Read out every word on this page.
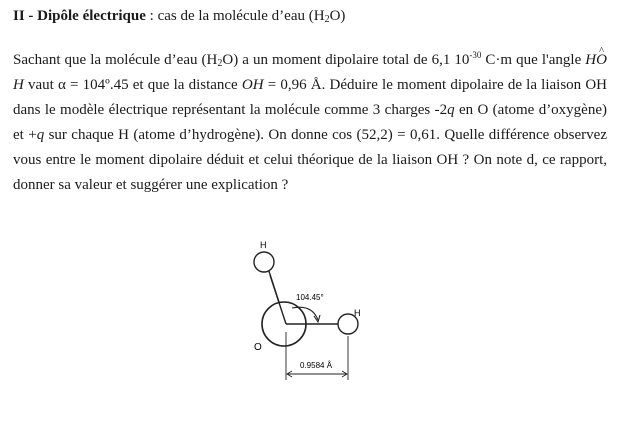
II - Dipôle électrique : cas de la molécule d’eau $(H_2O)$
Sachant que la molécule d’eau $(H_2O)$ a un moment dipolaire total de 6,1 $10^{-30}$ C·m que l'angle H^ OH vaut α = 104º.45 et que la distance OH = 0,96 Å. Déduire le moment dipolaire de la liaison OH dans le modèle électrique représentant la molécule comme 3 charges -2q en O (atome d’oxygène) et +q sur chaque H (atome d’hydrogène). On donne cos (52,2) = 0,61. Quelle différence observez vous entre le moment dipolaire déduit et celui théorique de la liaison OH ? On note d, ce rapport, donner sa valeur et suggérer une explication ?
H
H
O
104.45°
0.9584 Å
